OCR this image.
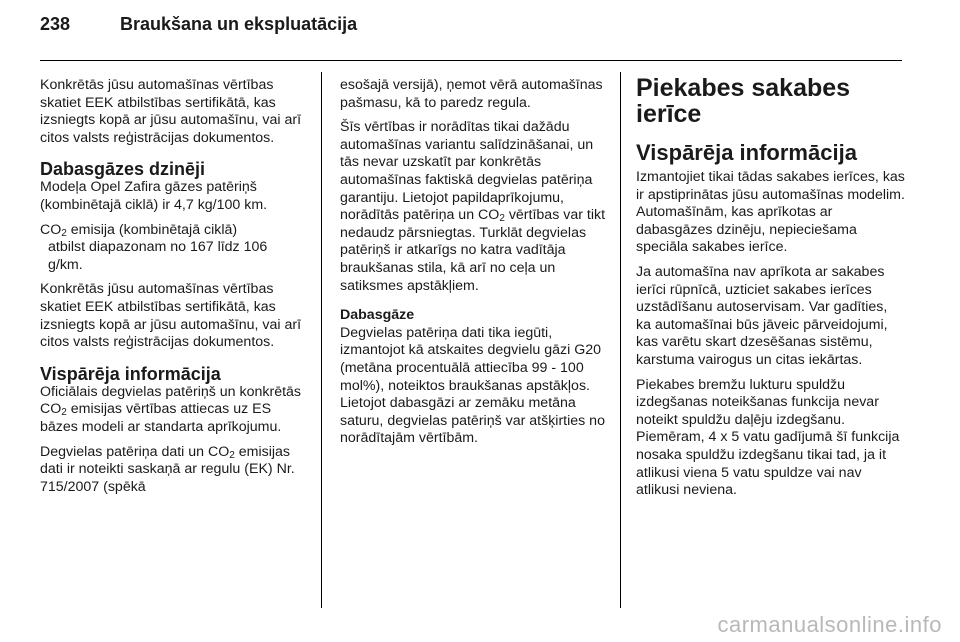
238	Braukšana un ekspluatācija

Konkrētās jūsu automašīnas vērtības skatiet EEK atbilstības sertifikātā, kas izsniegts kopā ar jūsu automašīnu, vai arī citos valsts reģistrācijas dokumentos.

Dabasgāzes dzinēji

Modeļa Opel Zafira gāzes patēriņš (kombinētajā ciklā) ir 4,7 kg/100 km.

$CO_2$ emisija (kombinētajā ciklā)
atbilst diapazonam no 167 līdz 106 g/km.

Konkrētās jūsu automašīnas vērtības skatiet EEK atbilstības sertifikātā, kas izsniegts kopā ar jūsu automašīnu, vai arī citos valsts reģistrācijas dokumentos.

Vispārēja informācija

Oficiālais degvielas patēriņš un konkrētās $CO_2$ emisijas vērtības attiecas uz ES bāzes modeli ar standarta aprīkojumu.

Degvielas patēriņa dati un $CO_2$ emisijas dati ir noteikti saskaņā ar regulu (EK) Nr. 715/2007 (spēkā

esošajā versijā), ņemot vērā automašīnas pašmasu, kā to paredz regula.

Šīs vērtības ir norādītas tikai dažādu automašīnas variantu salīdzināšanai, un tās nevar uzskatīt par konkrētās automašīnas faktiskā degvielas patēriņa garantiju. Lietojot papildaprīkojumu, norādītās patēriņa un $CO_2$ vērtības var tikt nedaudz pārsniegtas. Turklāt degvielas patēriņš ir atkarīgs no katra vadītāja braukšanas stila, kā arī no ceļa un satiksmes apstākļiem.

Dabasgāze

Degvielas patēriņa dati tika iegūti, izmantojot kā atskaites degvielu gāzi G20 (metāna procentuālā attiecība 99 - 100 mol%), noteiktos braukšanas apstākļos. Lietojot dabasgāzi ar zemāku metāna saturu, degvielas patēriņš var atšķirties no norādītajām vērtībām.

Piekabes sakabes ierīce
Vispārēja informācija

Izmantojiet tikai tādas sakabes ierīces, kas ir apstiprinātas jūsu automašīnas modelim. Automašīnām, kas aprīkotas ar dabasgāzes dzinēju, nepieciešama speciāla sakabes ierīce.

Ja automašīna nav aprīkota ar sakabes ierīci rūpnīcā, uzticiet sakabes ierīces uzstādīšanu autoservisam. Var gadīties, ka automašīnai būs jāveic pārveidojumi, kas varētu skart dzesēšanas sistēmu, karstuma vairogus un citas iekārtas.

Piekabes bremžu lukturu spuldžu izdegšanas noteikšanas funkcija nevar noteikt spuldžu daļēju izdegšanu. Piemēram, 4 x 5 vatu gadījumā šī funkcija nosaka spuldžu izdegšanu tikai tad, ja it atlikusi viena 5 vatu spuldze vai nav atlikusi neviena.

carmanualsonline.info
